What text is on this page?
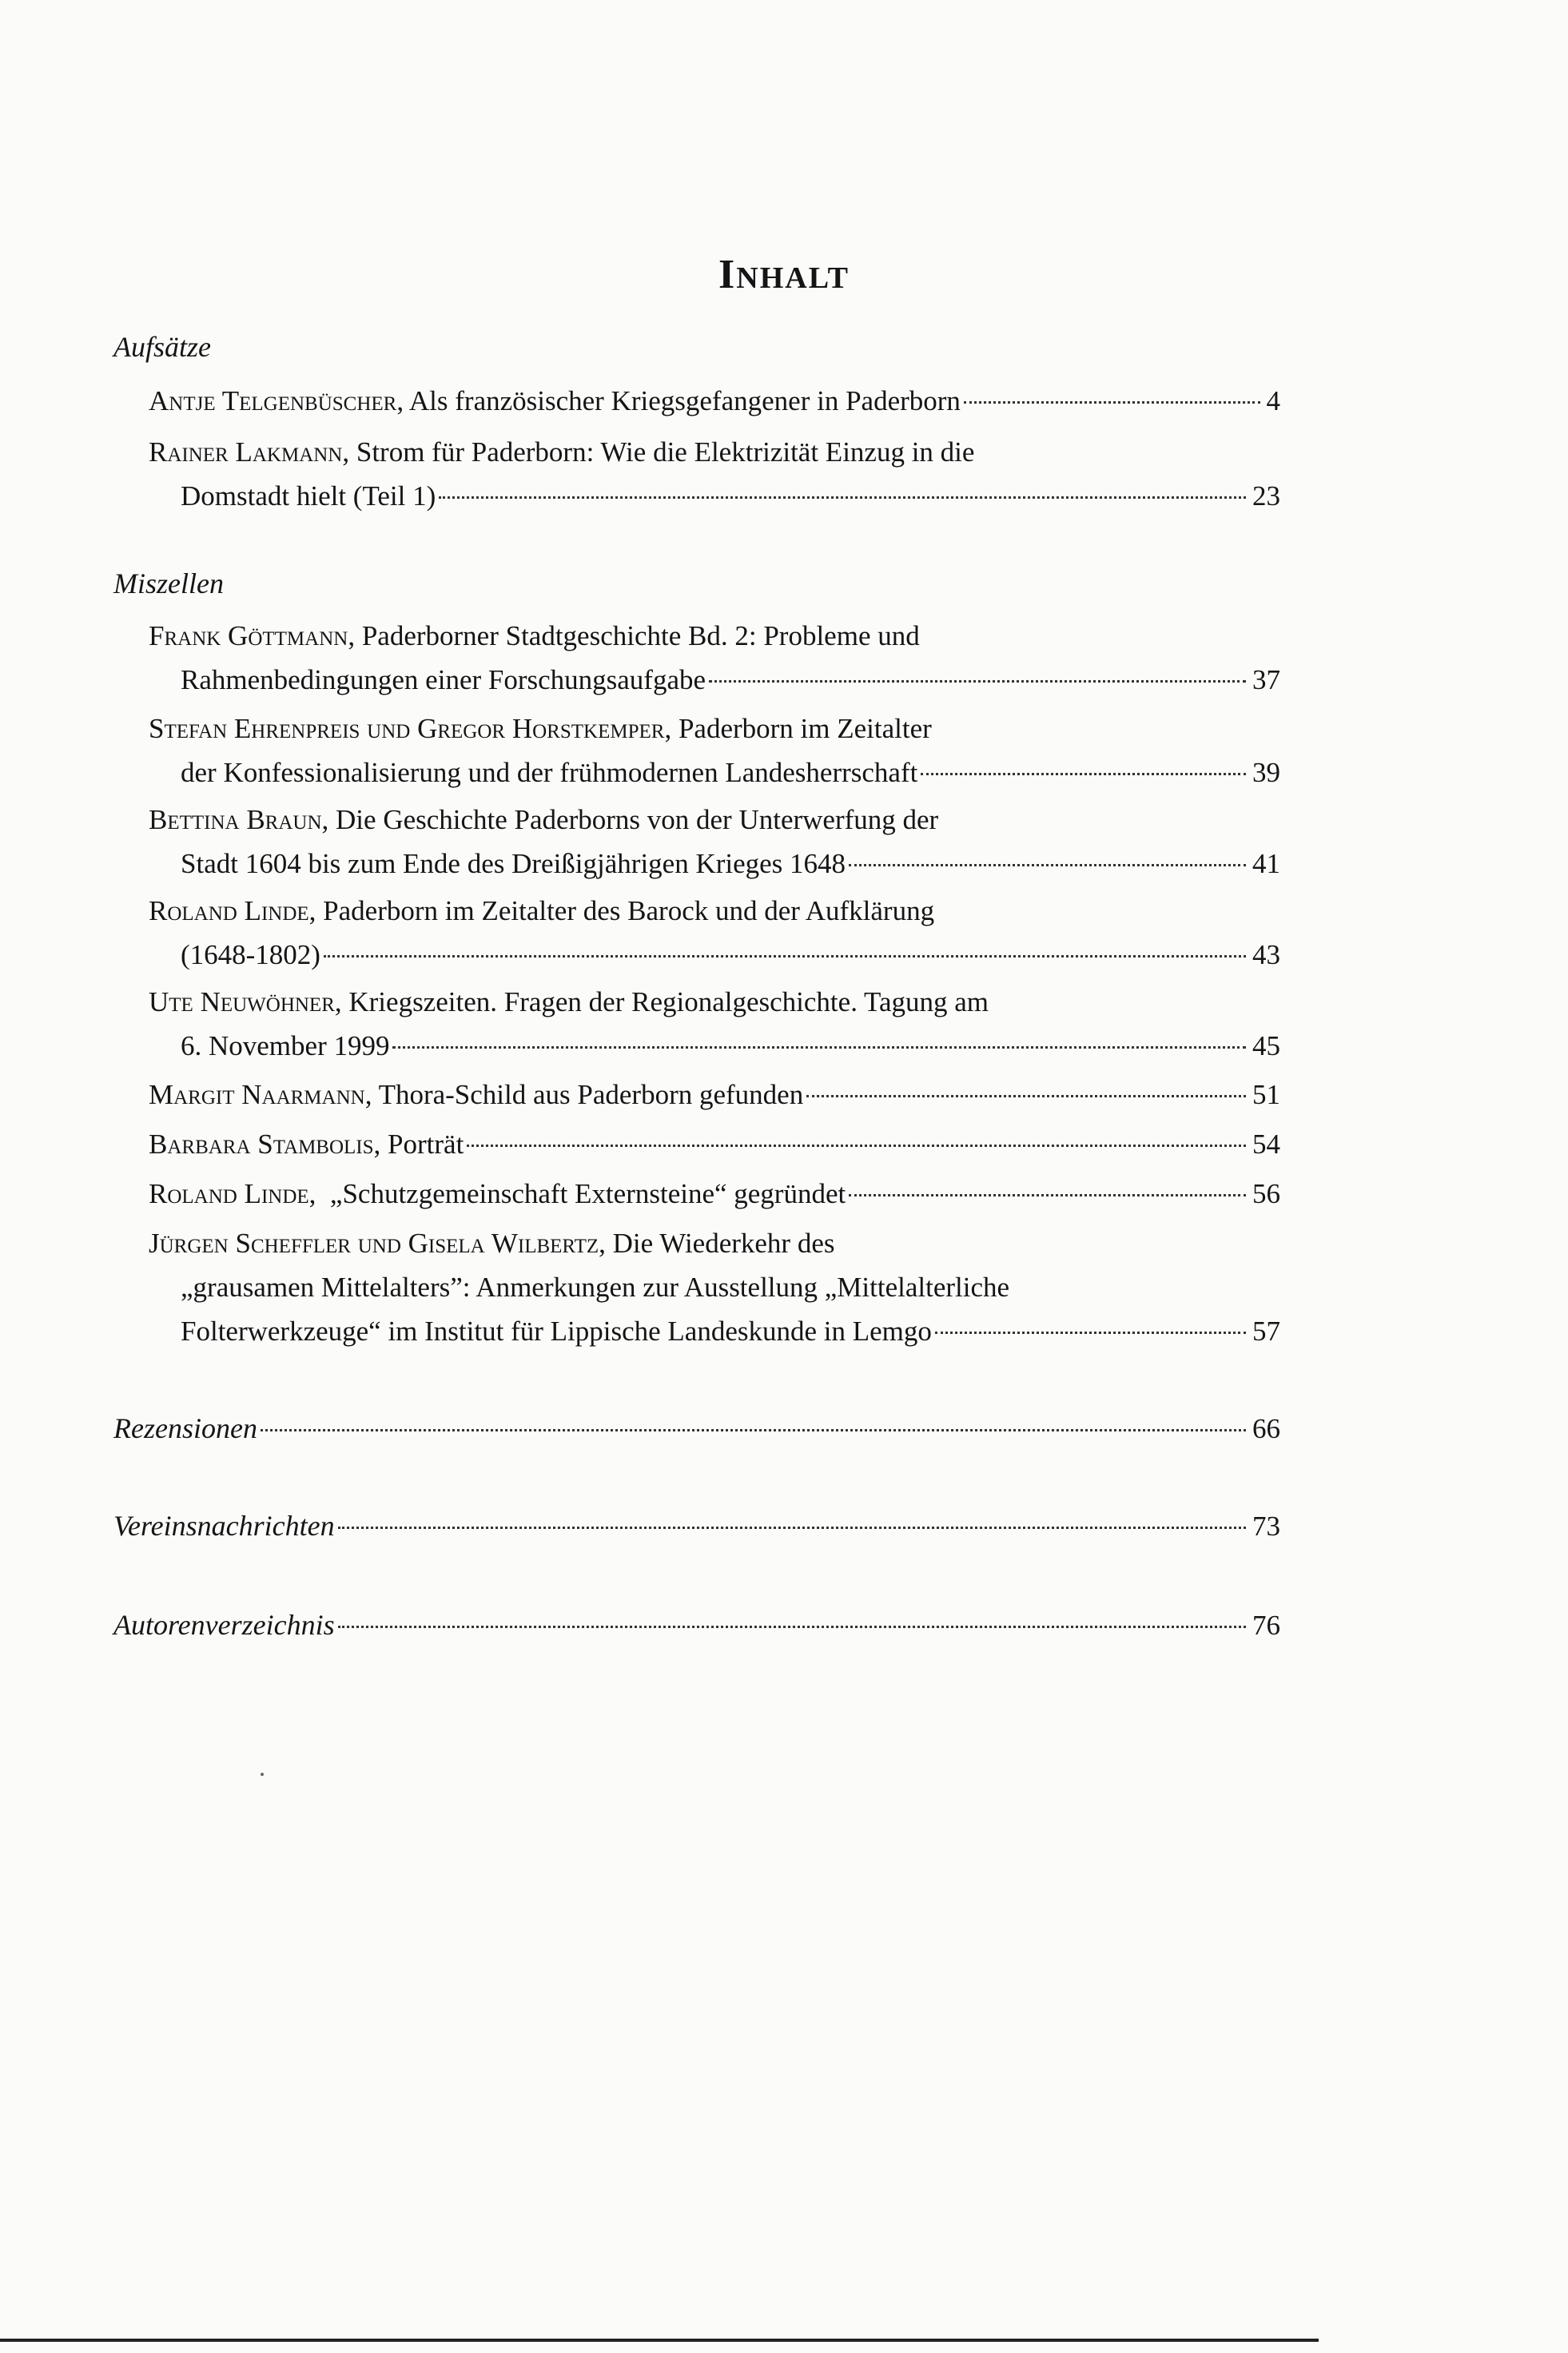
INHALT
Aufsätze
Antje Telgenbüscher , Als französischer Kriegsgefangener in Paderborn	4
Rainer Lakmann , Strom für Paderborn: Wie die Elektrizität Einzug in die
Domstadt hielt (Teil 1)	23
Miszellen
Frank Göttmann , Paderborner Stadtgeschichte Bd. 2: Probleme und
Rahmenbedingungen einer Forschungsaufgabe	37
Stefan Ehrenpreis und Gregor Horstkemper , Paderborn im Zeitalter
der Konfessionalisierung und der frühmodernen Landesherrschaft	39
Bettina Braun , Die Geschichte Paderborns von der Unterwerfung der
Stadt 1604 bis zum Ende des Dreißigjährigen Krieges 1648	41
Roland Linde , Paderborn im Zeitalter des Barock und der Aufklärung
(1648-1802)	43
Ute Neuwöhner , Kriegszeiten. Fragen der Regionalgeschichte. Tagung am
6. November 1999	45
Margit Naarmann , Thora-Schild aus Paderborn gefunden	51
Barbara Stambolis , Porträt	54
Roland Linde ,  „Schutzgemeinschaft Externsteine“ gegründet	56
Jürgen Scheffler und Gisela Wilbertz , Die Wiederkehr des
„grausamen Mittelalters”: Anmerkungen zur Ausstellung „Mittelalterliche
Folterwerkzeuge“ im Institut für Lippische Landeskunde in Lemgo	57
Rezensionen	66
Vereinsnachrichten	73
Autorenverzeichnis	76
